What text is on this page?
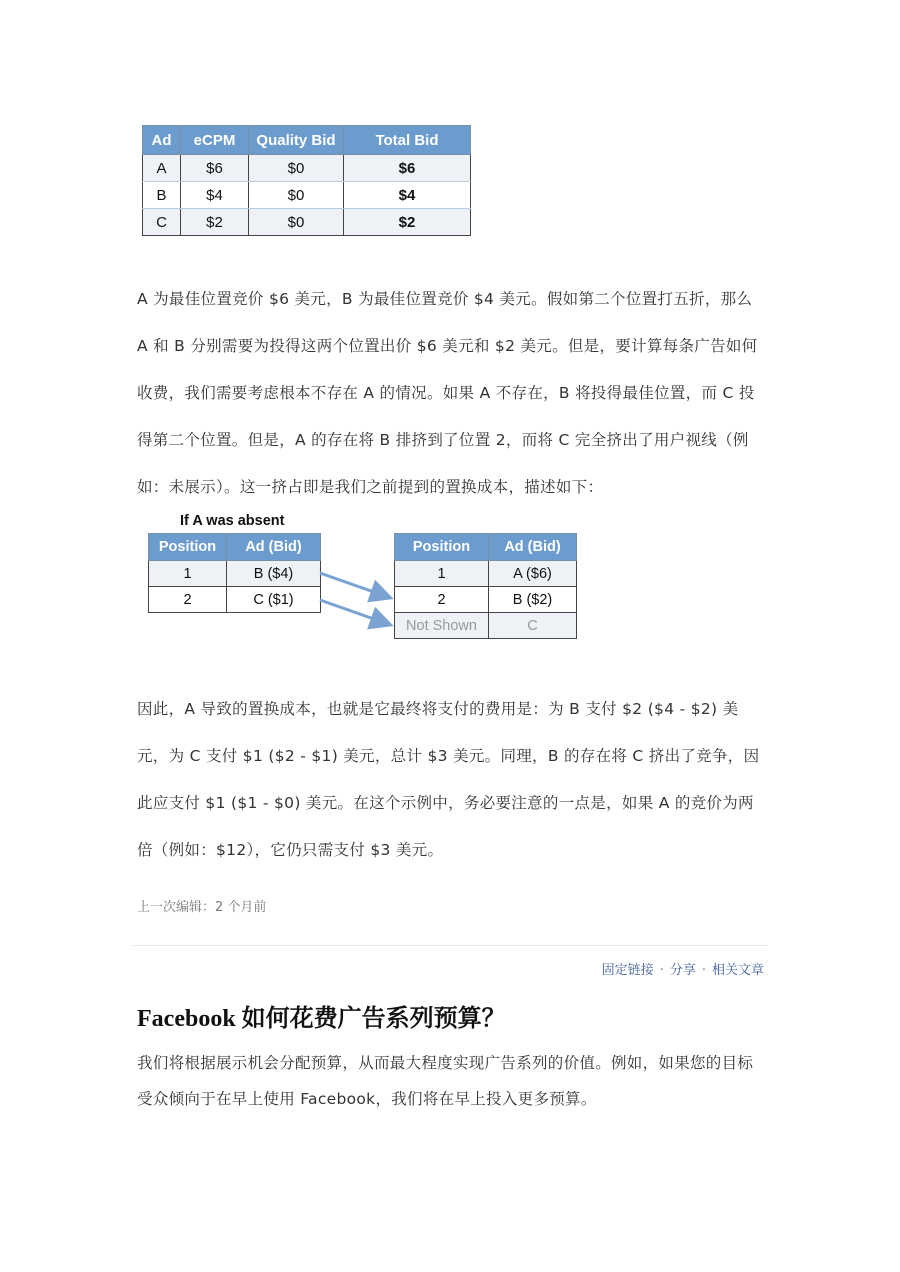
Ad	eCPM	Quality Bid	Total Bid
A	$6	$0	$6
B	$4	$0	$4
C	$2	$0	$2

A 为最佳位置竞价 $6 美元，B 为最佳位置竞价 $4 美元。假如第二个位置打五折，那么 A 和 B 分别需要为投得这两个位置出价 $6 美元和 $2 美元。但是，要计算每条广告如何收费，我们需要考虑根本不存在 A 的情况。如果 A 不存在，B 将投得最佳位置，而 C 投得第二个位置。但是，A 的存在将 B 排挤到了位置 2，而将 C 完全挤出了用户视线（例如：未展示）。这一挤占即是我们之前提到的置换成本，描述如下：

If A was absent
Position	Ad (Bid)
1	B ($4)
2	C ($1)
Position	Ad (Bid)
1	A ($6)
2	B ($2)
Not Shown	C

因此，A 导致的置换成本，也就是它最终将支付的费用是：为 B 支付 $2 ($4 - $2) 美元，为 C 支付 $1 ($2 - $1) 美元，总计 $3 美元。同理，B 的存在将 C 挤出了竞争，因此应支付 $1 ($1 - $0) 美元。在这个示例中，务必要注意的一点是，如果 A 的竞价为两倍（例如：$12），它仍只需支付 $3 美元。

上一次编辑：2 个月前
固定链接 · 分享 · 相关文章
Facebook 如何花费广告系列预算？

我们将根据展示机会分配预算，从而最大程度实现广告系列的价值。例如，如果您的目标受众倾向于在早上使用 Facebook，我们将在早上投入更多预算。
